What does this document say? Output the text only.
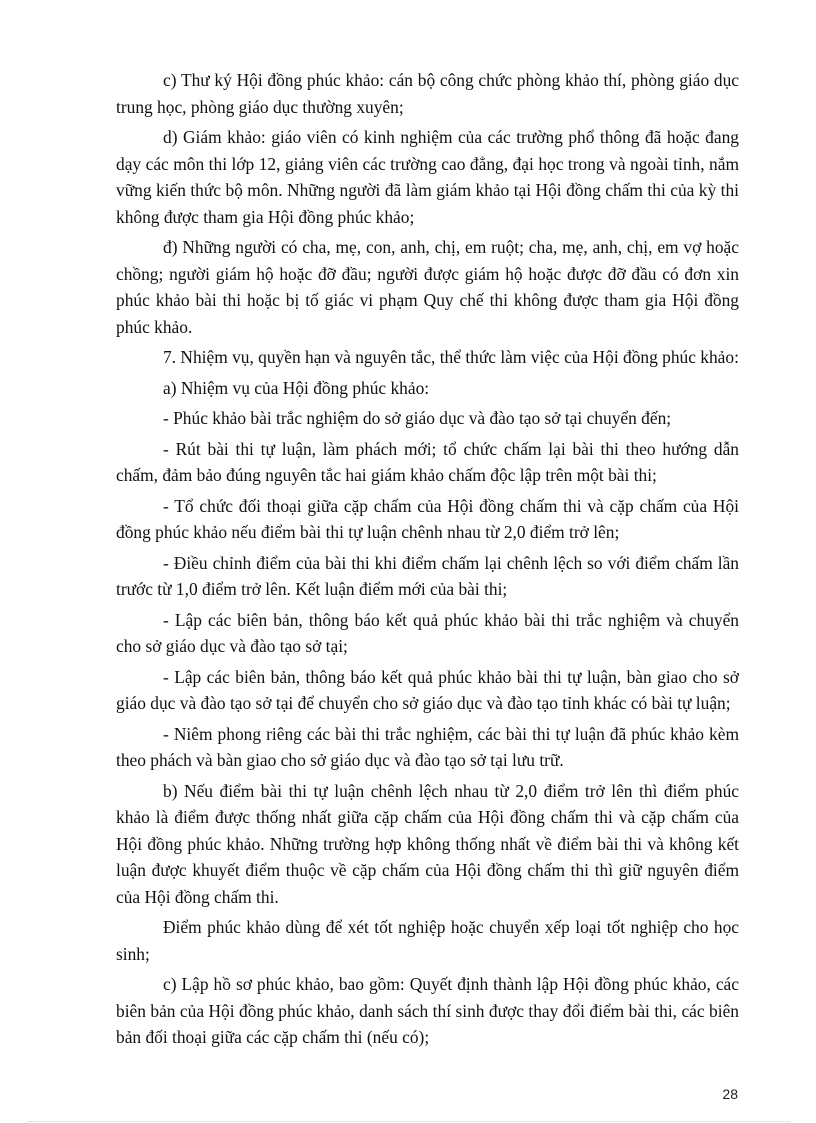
c) Thư ký Hội đồng phúc khảo: cán bộ công chức phòng khảo thí, phòng giáo dục trung học, phòng giáo dục thường xuyên;

d) Giám khảo: giáo viên có kinh nghiệm của các trường phổ thông đã hoặc đang dạy các môn thi lớp 12, giảng viên các trường cao đẳng, đại học trong và ngoài tỉnh, nắm vững kiến thức bộ môn. Những người đã làm giám khảo tại Hội đồng chấm thi của kỳ thi không được tham gia Hội đồng phúc khảo;

đ) Những người có cha, mẹ, con, anh, chị, em ruột; cha, mẹ, anh, chị, em vợ hoặc chồng; người giám hộ hoặc đỡ đầu; người được giám hộ hoặc được đỡ đầu có đơn xin phúc khảo bài thi hoặc bị tố giác vi phạm Quy chế thi không được tham gia Hội đồng phúc khảo.

7. Nhiệm vụ, quyền hạn và nguyên tắc, thể thức làm việc của Hội đồng phúc khảo:

a) Nhiệm vụ của Hội đồng phúc khảo:

- Phúc khảo bài trắc nghiệm do sở giáo dục và đào tạo sở tại chuyển đến;

- Rút bài thi tự luận, làm phách mới; tổ chức chấm lại bài thi theo hướng dẫn chấm, đảm bảo đúng nguyên tắc hai giám khảo chấm độc lập trên một bài thi;

- Tổ chức đối thoại giữa cặp chấm của Hội đồng chấm thi và cặp chấm của Hội đồng phúc khảo nếu điểm bài thi tự luận chênh nhau từ 2,0 điểm trở lên;

- Điều chỉnh điểm của bài thi khi điểm chấm lại chênh lệch so với điểm chấm lần trước từ 1,0 điểm trở lên. Kết luận điểm mới của bài thi;

- Lập các biên bản, thông báo kết quả phúc khảo bài thi trắc nghiệm và chuyển cho sở giáo dục và đào tạo sở tại;

- Lập các biên bản, thông báo kết quả phúc khảo bài thi tự luận, bàn giao cho sở giáo dục và đào tạo sở tại để chuyển cho sở giáo dục và đào tạo tỉnh khác có bài tự luận;

- Niêm phong riêng các bài thi trắc nghiệm, các bài thi tự luận đã phúc khảo kèm theo phách và bàn giao cho sở giáo dục và đào tạo sở tại lưu trữ.

b) Nếu điểm bài thi tự luận chênh lệch nhau từ 2,0 điểm trở lên thì điểm phúc khảo là điểm được thống nhất giữa cặp chấm của Hội đồng chấm thi và cặp chấm của Hội đồng phúc khảo. Những trường hợp không thống nhất về điểm bài thi và không kết luận được khuyết điểm thuộc về cặp chấm của Hội đồng chấm thi thì giữ nguyên điểm của Hội đồng chấm thi.

Điểm phúc khảo dùng để xét tốt nghiệp hoặc chuyển xếp loại tốt nghiệp cho học sinh;

c) Lập hồ sơ phúc khảo, bao gồm: Quyết định thành lập Hội đồng phúc khảo, các biên bản của Hội đồng phúc khảo, danh sách thí sinh được thay đổi điểm bài thi, các biên bản đối thoại giữa các cặp chấm thi (nếu có);

28
